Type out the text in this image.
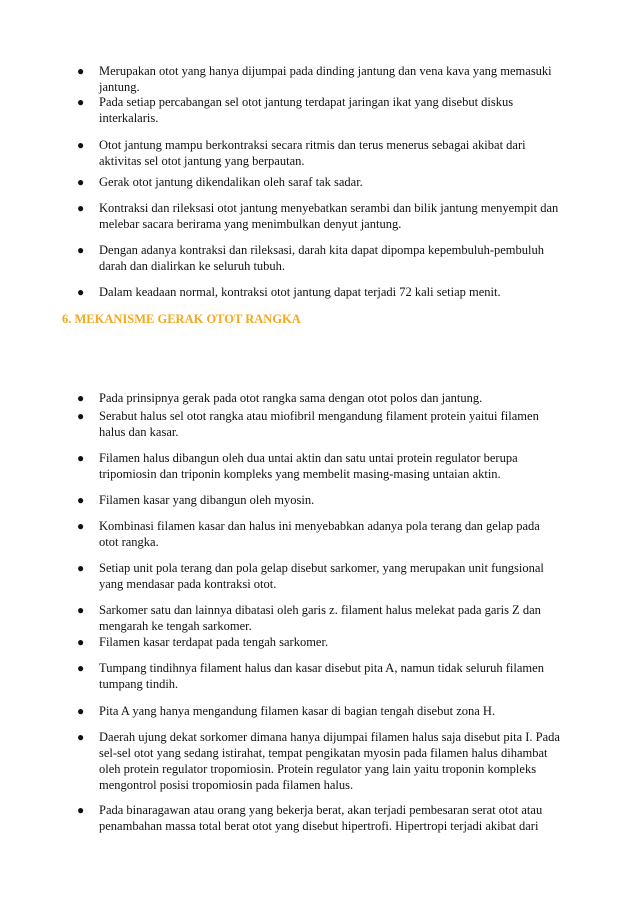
● Merupakan otot yang hanya dijumpai pada dinding jantung dan vena kava yang memasuki
jantung.
● Pada setiap percabangan sel otot jantung terdapat jaringan ikat yang disebut diskus
interkalaris.
● Otot jantung mampu berkontraksi secara ritmis dan terus menerus sebagai akibat dari
aktivitas sel otot jantung yang berpautan.
● Gerak otot jantung dikendalikan oleh saraf tak sadar.
● Kontraksi dan rileksasi otot jantung menyebatkan serambi dan bilik jantung menyempit dan
melebar sacara berirama yang menimbulkan denyut jantung.
● Dengan adanya kontraksi dan rileksasi, darah kita dapat dipompa kepembuluh-pembuluh
darah dan dialirkan ke seluruh tubuh.
● Dalam keadaan normal, kontraksi otot jantung dapat terjadi 72 kali setiap menit.
6. MEKANISME GERAK OTOT RANGKA
● Pada prinsipnya gerak pada otot rangka sama dengan otot polos dan jantung.
● Serabut halus sel otot rangka atau miofibril mengandung filament protein yaitui filamen
halus dan kasar.
● Filamen halus dibangun oleh dua untai aktin dan satu untai protein regulator berupa
tripomiosin dan triponin kompleks yang membelit masing-masing untaian aktin.
● Filamen kasar yang dibangun oleh myosin.
● Kombinasi filamen kasar dan halus ini menyebabkan adanya pola terang dan gelap pada
otot rangka.
● Setiap unit pola terang dan pola gelap disebut sarkomer, yang merupakan unit fungsional
yang mendasar pada kontraksi otot.
● Sarkomer satu dan lainnya dibatasi oleh garis z. filament halus melekat pada garis Z dan
mengarah ke tengah sarkomer.
● Filamen kasar terdapat pada tengah sarkomer.
● Tumpang tindihnya filament halus dan kasar disebut pita A, namun tidak seluruh filamen
tumpang tindih.
● Pita A yang hanya mengandung filamen kasar di bagian tengah disebut zona H.
● Daerah ujung dekat sorkomer dimana hanya dijumpai filamen halus saja disebut pita I. Pada
sel-sel otot yang sedang istirahat, tempat pengikatan myosin pada filamen halus dihambat
oleh protein regulator tropomiosin. Protein regulator yang lain yaitu troponin kompleks
mengontrol posisi tropomiosin pada filamen halus.
● Pada binaragawan atau orang yang bekerja berat, akan terjadi pembesaran serat otot atau
penambahan massa total berat otot yang disebut hipertrofi. Hipertropi terjadi akibat dari
